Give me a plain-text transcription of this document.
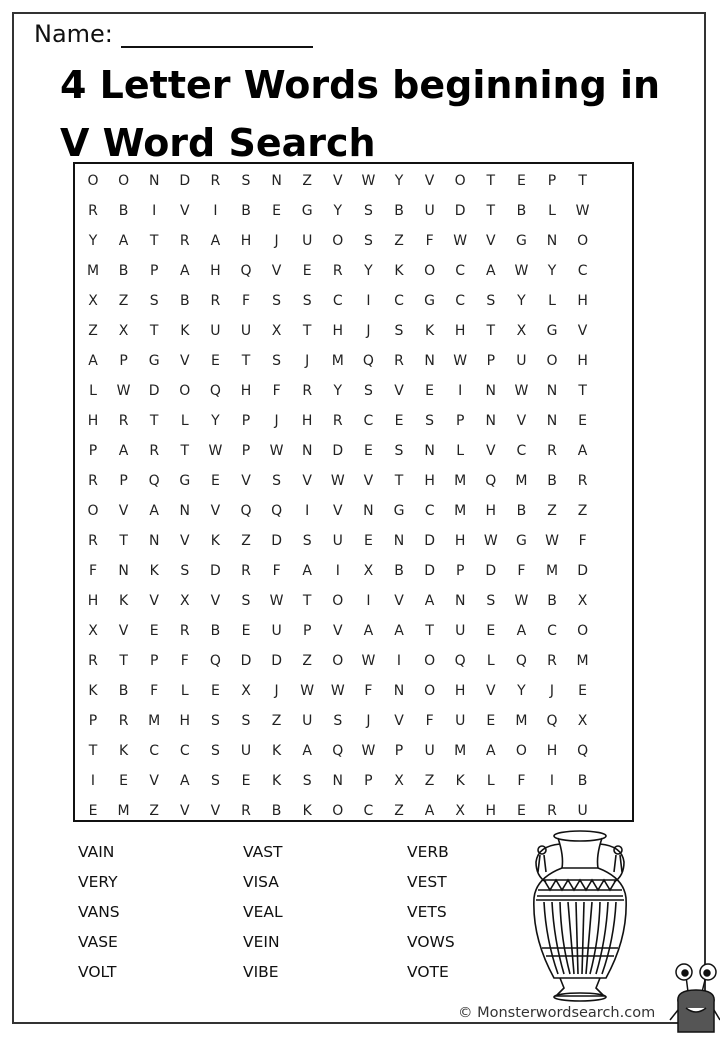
Name:
4 Letter Words beginning in
V Word Search
O	O	N	D	R	S	N	Z	V	W	Y	V	O	T	E	P	T
R	B	I	V	I	B	E	G	Y	S	B	U	D	T	B	L	W
Y	A	T	R	A	H	J	U	O	S	Z	F	W	V	G	N	O
M	B	P	A	H	Q	V	E	R	Y	K	O	C	A	W	Y	C
X	Z	S	B	R	F	S	S	C	I	C	G	C	S	Y	L	H
Z	X	T	K	U	U	X	T	H	J	S	K	H	T	X	G	V
A	P	G	V	E	T	S	J	M	Q	R	N	W	P	U	O	H
L	W	D	O	Q	H	F	R	Y	S	V	E	I	N	W	N	T
H	R	T	L	Y	P	J	H	R	C	E	S	P	N	V	N	E
P	A	R	T	W	P	W	N	D	E	S	N	L	V	C	R	A
R	P	Q	G	E	V	S	V	W	V	T	H	M	Q	M	B	R
O	V	A	N	V	Q	Q	I	V	N	G	C	M	H	B	Z	Z
R	T	N	V	K	Z	D	S	U	E	N	D	H	W	G	W	F
F	N	K	S	D	R	F	A	I	X	B	D	P	D	F	M	D
H	K	V	X	V	S	W	T	O	I	V	A	N	S	W	B	X
X	V	E	R	B	E	U	P	V	A	A	T	U	E	A	C	O
R	T	P	F	Q	D	D	Z	O	W	I	O	Q	L	Q	R	M
K	B	F	L	E	X	J	W	W	F	N	O	H	V	Y	J	E
P	R	M	H	S	S	Z	U	S	J	V	F	U	E	M	Q	X
T	K	C	C	S	U	K	A	Q	W	P	U	M	A	O	H	Q
I	E	V	A	S	E	K	S	N	P	X	Z	K	L	F	I	B
E	M	Z	V	V	R	B	K	O	C	Z	A	X	H	E	R	U
VAIN
VERY
VANS
VASE
VOLT
VAST
VISA
VEAL
VEIN
VIBE
VERB
VEST
VETS
VOWS
VOTE
© Monsterwordsearch.com
